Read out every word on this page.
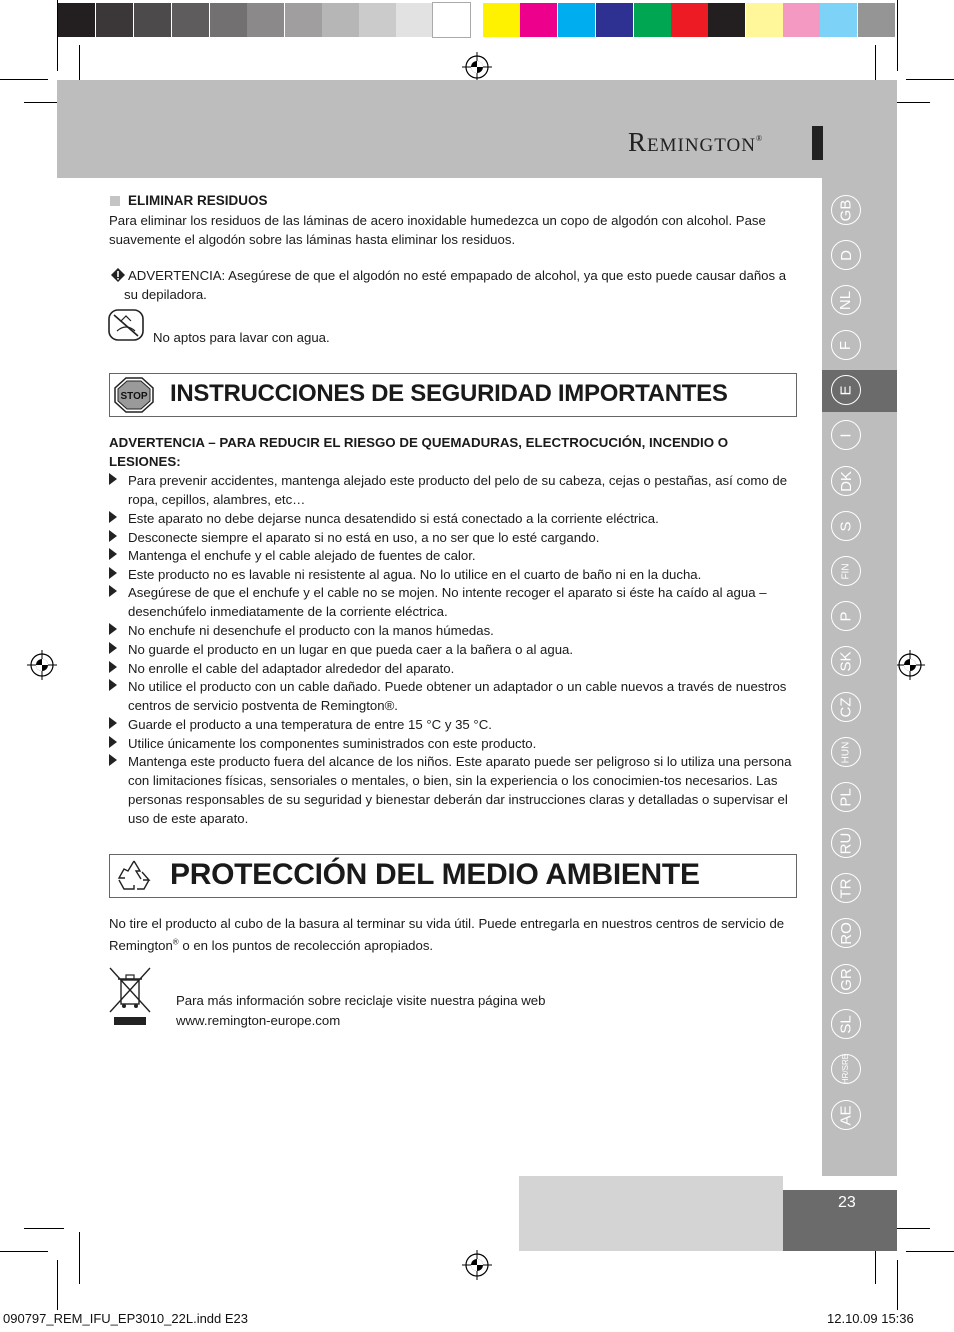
Remington®
GB
D
NL
F
E
I
DK
S
FIN
P
SK
CZ
HUN
PL
RU
TR
RO
GR
SL
HR/SRB
AE
ELIMINAR RESIDUOS
Para eliminar los residuos de las láminas de acero inoxidable humedezca un copo de algodón con alcohol. Pase suavemente el algodón sobre las láminas hasta eliminar los residuos.
ADVERTENCIA: Asegúrese de que el algodón no esté empapado de alcohol, ya que esto puede causar daños a su depiladora.
No aptos para lavar con agua.
STOP INSTRUCCIONES DE SEGURIDAD IMPORTANTES
ADVERTENCIA – PARA REDUCIR EL RIESGO DE QUEMADURAS, ELECTROCUCIÓN, INCENDIO O LESIONES:
Para prevenir accidentes, mantenga alejado este producto del pelo de su cabeza, cejas o pestañas, así como de ropa, cepillos, alambres, etc…
Este aparato no debe dejarse nunca desatendido si está conectado a la corriente eléctrica.
Desconecte siempre el aparato si no está en uso, a no ser que lo esté cargando.
Mantenga el enchufe y el cable alejado de fuentes de calor.
Este producto no es lavable ni resistente al agua. No lo utilice en el cuarto de baño ni en la ducha.
Asegúrese de que el enchufe y el cable no se mojen. No intente recoger el aparato si éste ha caído al agua – desenchúfelo inmediatamente de la corriente eléctrica.
No enchufe ni desenchufe el producto con la manos húmedas.
No guarde el producto en un lugar en que pueda caer a la bañera o al agua.
No enrolle el cable del adaptador alrededor del aparato.
No utilice el producto con un cable dañado. Puede obtener un adaptador o un cable nuevos a través de nuestros centros de servicio postventa de Remington®.
Guarde el producto a una temperatura de entre 15 °C y 35 °C.
Utilice únicamente los componentes suministrados con este producto.
Mantenga este producto fuera del alcance de los niños. Este aparato puede ser peligroso si lo utiliza una persona con limitaciones físicas, sensoriales o mentales, o bien, sin la experiencia o los conocimien-tos necesarios. Las personas responsables de su seguridad y bienestar deberán dar instrucciones claras y detalladas o supervisar el uso de este aparato.
PROTECCIÓN DEL MEDIO AMBIENTE
No tire el producto al cubo de la basura al terminar su vida útil. Puede entregarla en nuestros centros de servicio de Remington® o en los puntos de recolección apropiados.
Para más información sobre reciclaje visite nuestra página web
www.remington-europe.com
23
090797_REM_IFU_EP3010_22L.indd E23	12.10.09 15:36
